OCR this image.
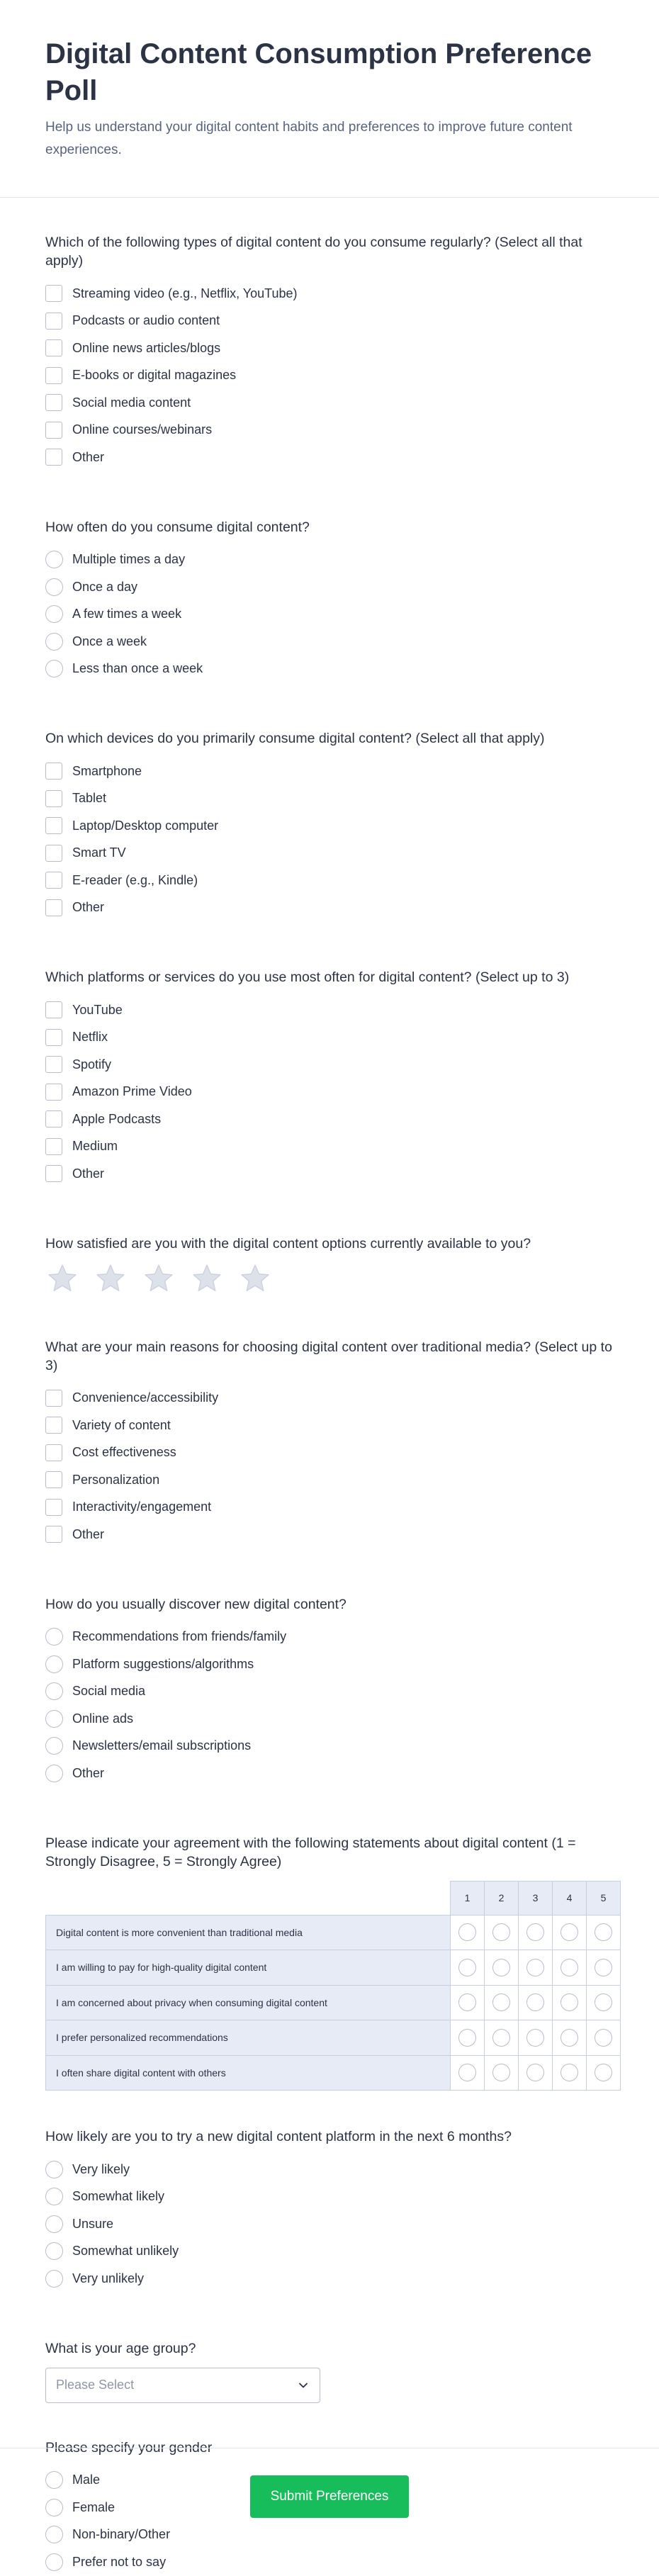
Digital Content Consumption Preference Poll

Help us understand your digital content habits and preferences to improve future content experiences.

Which of the following types of digital content do you consume regularly? (Select all that apply)
Streaming video (e.g., Netflix, YouTube)
Podcasts or audio content
Online news articles/blogs
E-books or digital magazines
Social media content
Online courses/webinars
Other
How often do you consume digital content?
Multiple times a day
Once a day
A few times a week
Once a week
Less than once a week
On which devices do you primarily consume digital content? (Select all that apply)
Smartphone
Tablet
Laptop/Desktop computer
Smart TV
E-reader (e.g., Kindle)
Other
Which platforms or services do you use most often for digital content? (Select up to 3)
YouTube
Netflix
Spotify
Amazon Prime Video
Apple Podcasts
Medium
Other
How satisfied are you with the digital content options currently available to you?
What are your main reasons for choosing digital content over traditional media? (Select up to 3)
Convenience/accessibility
Variety of content
Cost effectiveness
Personalization
Interactivity/engagement
Other
How do you usually discover new digital content?
Recommendations from friends/family
Platform suggestions/algorithms
Social media
Online ads
Newsletters/email subscriptions
Other
Please indicate your agreement with the following statements about digital content (1 = Strongly Disagree, 5 = Strongly Agree)
	1	2	3	4	5
Digital content is more convenient than traditional media					
I am willing to pay for high-quality digital content					
I am concerned about privacy when consuming digital content					
I prefer personalized recommendations					
I often share digital content with others					
How likely are you to try a new digital content platform in the next 6 months?
Very likely
Somewhat likely
Unsure
Somewhat unlikely
Very unlikely
What is your age group?
Please Select
Please specify your gender
Male
Female
Non-binary/Other
Prefer not to say
Submit Preferences
